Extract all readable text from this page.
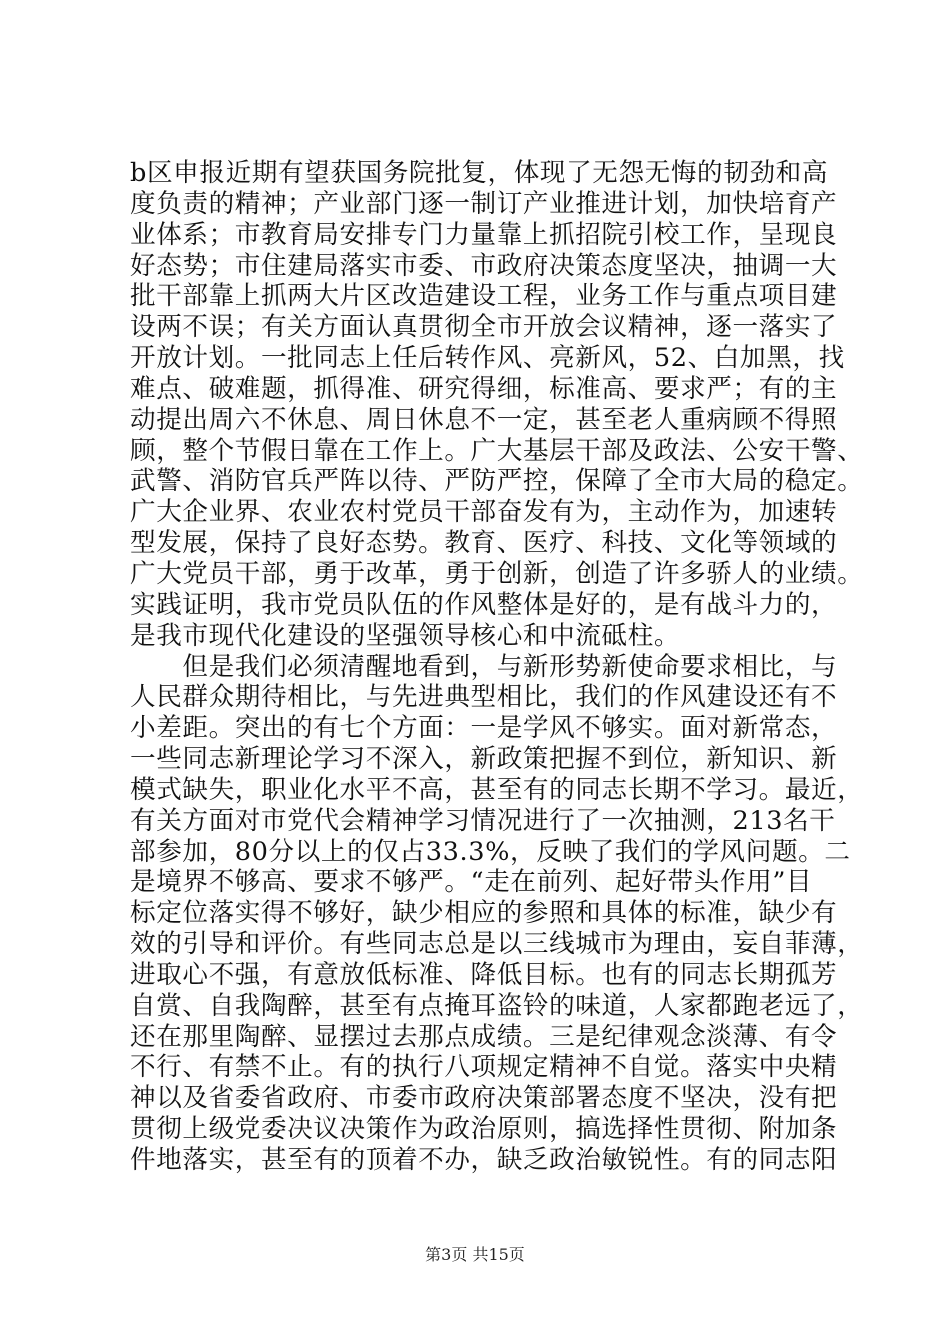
b区申报近期有望获国务院批复，体现了无怨无悔的韧劲和高
度负责的精神；产业部门逐一制订产业推进计划，加快培育产
业体系；市教育局安排专门力量靠上抓招院引校工作，呈现良
好态势；市住建局落实市委、市政府决策态度坚决，抽调一大
批干部靠上抓两大片区改造建设工程，业务工作与重点项目建
设两不误；有关方面认真贯彻全市开放会议精神，逐一落实了
开放计划。一批同志上任后转作风、亮新风，52、白加黑，找
难点、破难题，抓得准、研究得细，标准高、要求严；有的主
动提出周六不休息、周日休息不一定，甚至老人重病顾不得照
顾，整个节假日靠在工作上。广大基层干部及政法、公安干警、
武警、消防官兵严阵以待、严防严控，保障了全市大局的稳定。
广大企业界、农业农村党员干部奋发有为，主动作为，加速转
型发展，保持了良好态势。教育、医疗、科技、文化等领域的
广大党员干部，勇于改革，勇于创新，创造了许多骄人的业绩。
实践证明，我市党员队伍的作风整体是好的，是有战斗力的，
是我市现代化建设的坚强领导核心和中流砥柱。
　　但是我们必须清醒地看到，与新形势新使命要求相比，与
人民群众期待相比，与先进典型相比，我们的作风建设还有不
小差距。突出的有七个方面：一是学风不够实。面对新常态，
一些同志新理论学习不深入，新政策把握不到位，新知识、新
模式缺失，职业化水平不高，甚至有的同志长期不学习。最近，
有关方面对市党代会精神学习情况进行了一次抽测，213名干
部参加，80分以上的仅占33.3%，反映了我们的学风问题。二
是境界不够高、要求不够严。“走在前列、起好带头作用”目
标定位落实得不够好，缺少相应的参照和具体的标准，缺少有
效的引导和评价。有些同志总是以三线城市为理由，妄自菲薄，
进取心不强，有意放低标准、降低目标。也有的同志长期孤芳
自赏、自我陶醉，甚至有点掩耳盗铃的味道，人家都跑老远了，
还在那里陶醉、显摆过去那点成绩。三是纪律观念淡薄、有令
不行、有禁不止。有的执行八项规定精神不自觉。落实中央精
神以及省委省政府、市委市政府决策部署态度不坚决，没有把
贯彻上级党委决议决策作为政治原则，搞选择性贯彻、附加条
件地落实，甚至有的顶着不办，缺乏政治敏锐性。有的同志阳
第3页 共15页
